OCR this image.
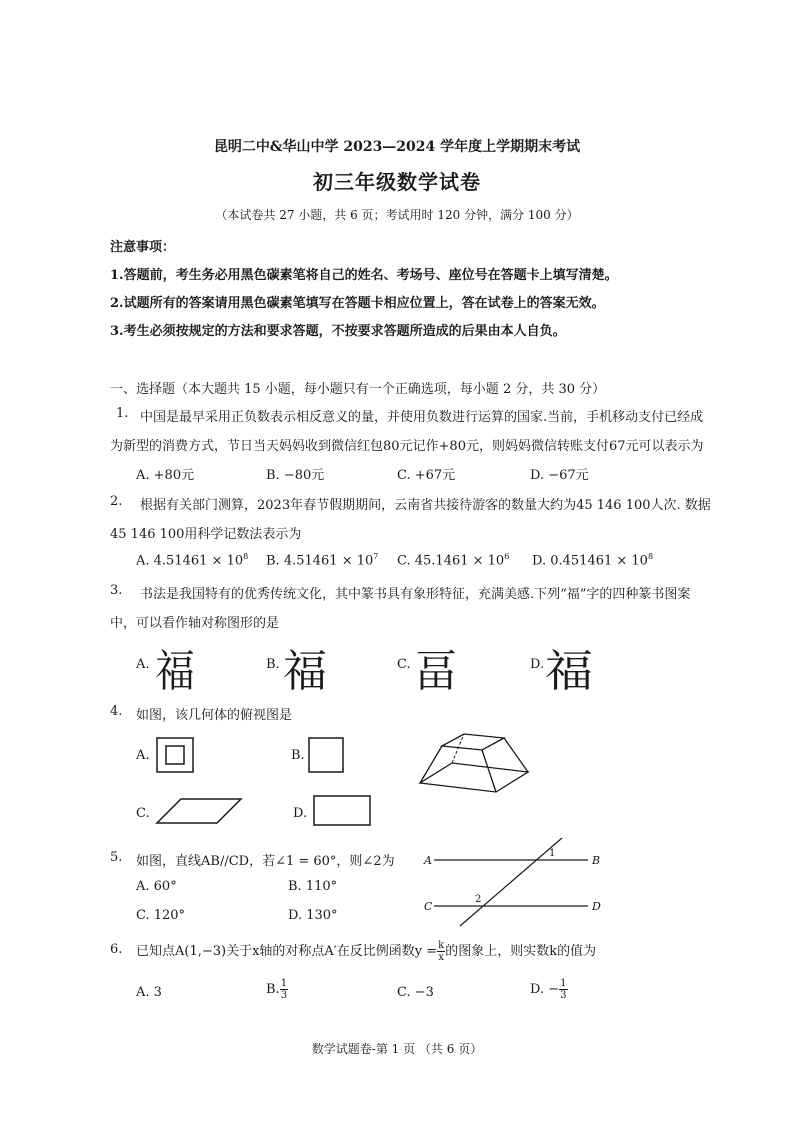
昆明二中&华山中学 2023—2024 学年度上学期期末考试
初三年级数学试卷
（本试卷共 27 小题，共 6 页；考试用时 120 分钟，满分 100 分）
注意事项：
1.答题前，考生务必用黑色碳素笔将自己的姓名、考场号、座位号在答题卡上填写清楚。
2.试题所有的答案请用黑色碳素笔填写在答题卡相应位置上，答在试卷上的答案无效。
3.考生必须按规定的方法和要求答题，不按要求答题所造成的后果由本人自负。
一、选择题（本大题共 15 小题，每小题只有一个正确选项，每小题 2 分，共 30 分）
1. 中国是最早采用正负数表示相反意义的量，并使用负数进行运算的国家.当前，手机移动支付已经成
为新型的消费方式，节日当天妈妈收到微信红包80元记作+80元，则妈妈微信转账支付67元可以表示为
A. +80元	B. −80元	C. +67元	D. −67元
2. 根据有关部门测算，2023年春节假期期间，云南省共接待游客的数量大约为45 146 100人次. 数据
45 146 100用科学记数法表示为
A. $4.51461 \times 10^8$ B. $4.51461 \times 10^7$ C. $45.1461 \times 10^6$ D. $0.451461 \times 10^8$
3. 书法是我国特有的优秀传统文化，其中篆书具有象形特征，充满美感.下列“福”字的四种篆书图案
中，可以看作轴对称图形的是
A. 福	B. 福	C. 畐	D. 福
4. 如图，该几何体的俯视图是
A.	B.
C.	D.
5. 如图，直线AB//CD，若∠1 = 60°，则∠2为
A. 60°	B. 110°
C. 120°	D. 130°
A	B
C	D
1
2
6. 已知点A(1,−3)关于x轴的对称点A′在反比例函数$y = \frac{k}{x}$ 的图象上，则实数k的值为
A. 3	B. $\frac{1}{3}$	C. −3	D. − $\frac{1}{3}$
数学试题卷-第 1 页 （共 6 页）
